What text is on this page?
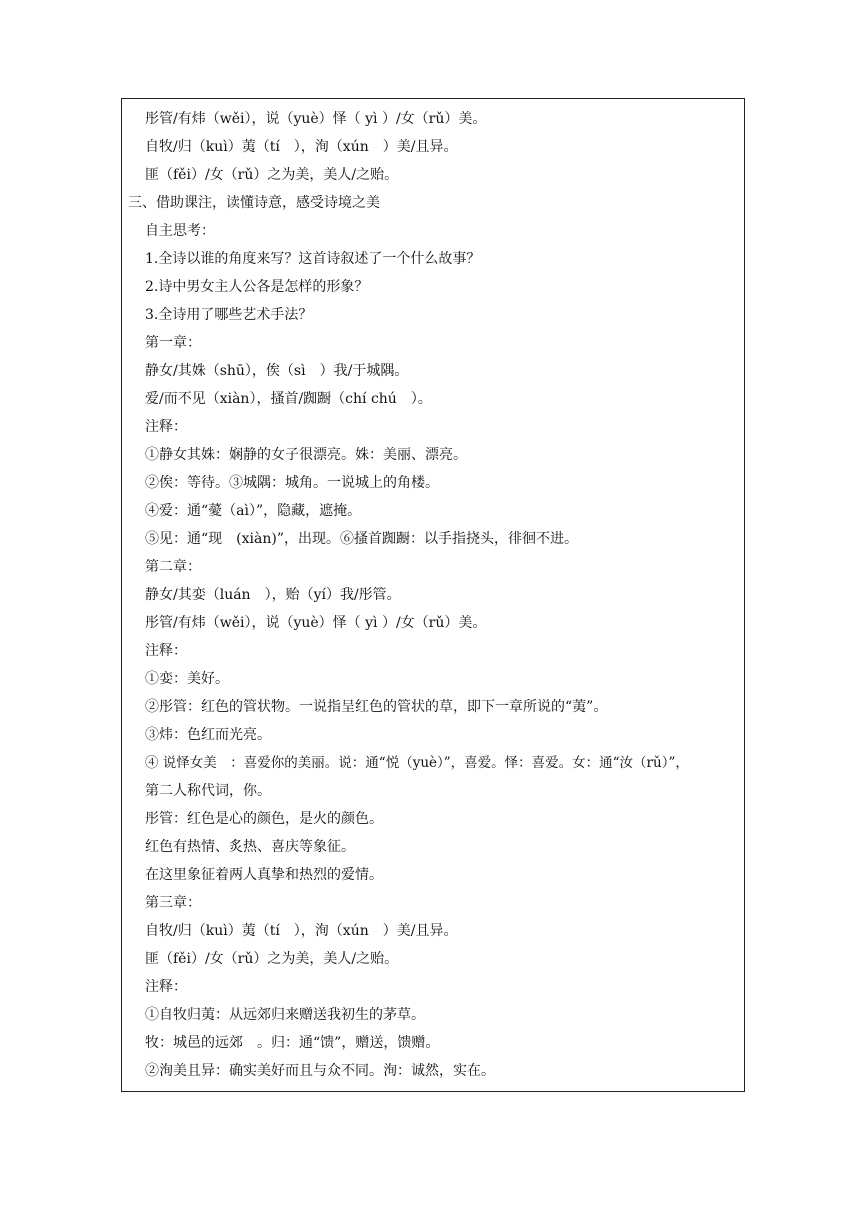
彤管/有炜（wěi），说（yuè）怿（ yì ）/女（rǔ）美。
自牧/归（kuì）荑（tí　），洵（xún　）美/且异。
匪（fěi）/女（rǔ）之为美，美人/之贻。
三、借助课注，读懂诗意，感受诗境之美
自主思考：
1.全诗以谁的角度来写？这首诗叙述了一个什么故事？
2.诗中男女主人公各是怎样的形象？
3.全诗用了哪些艺术手法？
第一章：
静女/其姝（shū），俟（sì　）我/于城隅。
爱/而不见（xiàn），搔首/踟蹰（chí chú　）。
注释：
①静女其姝：娴静的女子很漂亮。姝：美丽、漂亮。
②俟：等待。③城隅：城角。一说城上的角楼。
④爱：通“薆（aì）”，隐藏，遮掩。
⑤见：通“现　(xiàn)”，出现。⑥搔首踟蹰：以手指挠头，徘徊不进。
第二章：
静女/其娈（luán　），贻（yí）我/彤管。
彤管/有炜（wěi），说（yuè）怿（ yì ）/女（rǔ）美。
注释：
①娈：美好。
②彤管：红色的管状物。一说指呈红色的管状的草，即下一章所说的“荑”。
③炜：色红而光亮。
④ 说怿女美　：喜爱你的美丽。说：通“悦（yuè）”，喜爱。怿：喜爱。女：通“汝（rǔ）”，
第二人称代词，你。
彤管：红色是心的颜色，是火的颜色。
红色有热情、炙热、喜庆等象征。
在这里象征着两人真挚和热烈的爱情。
第三章：
自牧/归（kuì）荑（tí　），洵（xún　）美/且异。
匪（fěi）/女（rǔ）之为美，美人/之贻。
注释：
①自牧归荑：从远郊归来赠送我初生的茅草。
牧：城邑的远郊　。归：通“馈”，赠送，馈赠。
②洵美且异：确实美好而且与众不同。洵：诚然，实在。
